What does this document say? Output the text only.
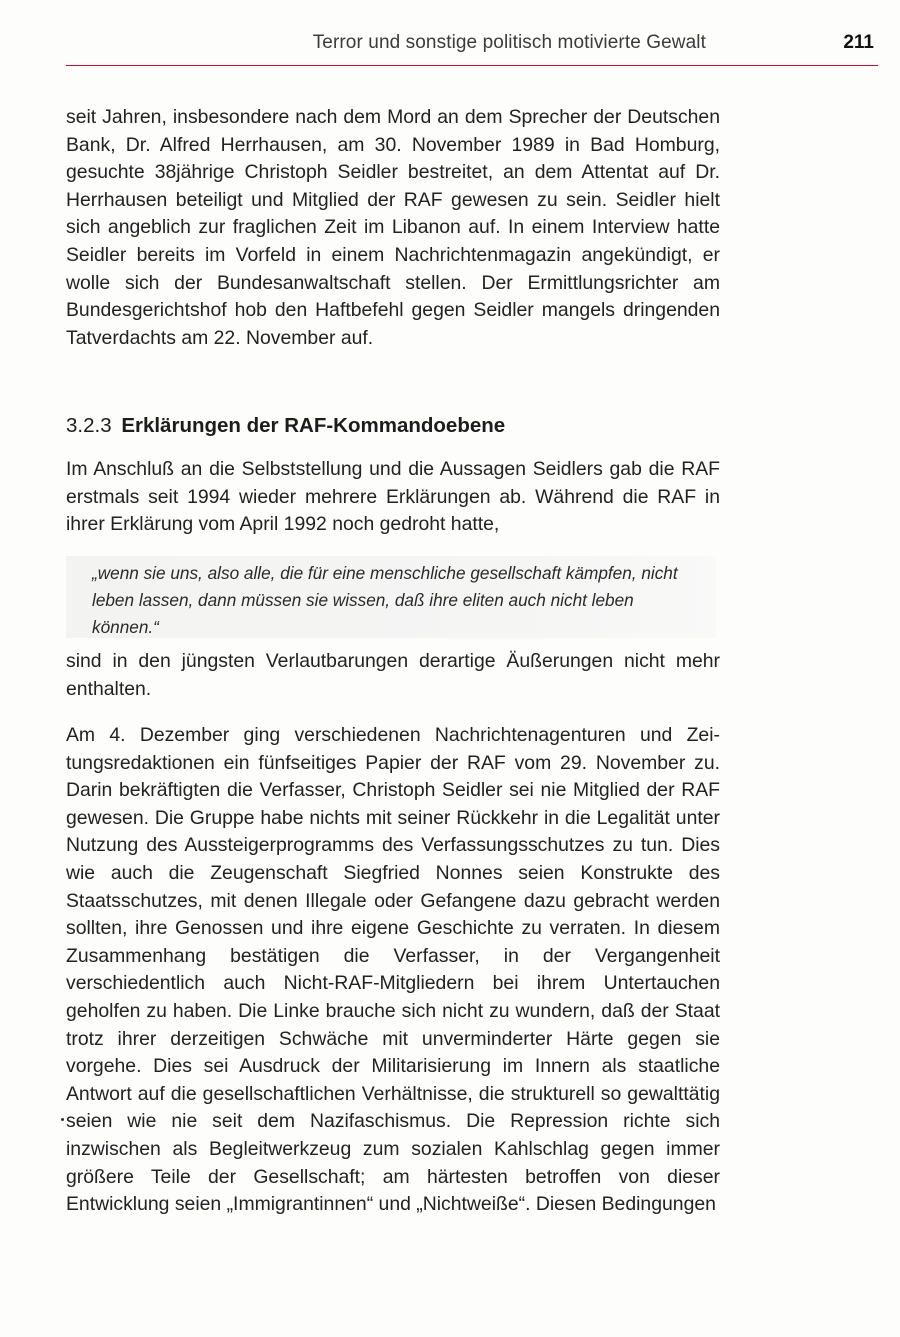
Terror und sonstige politisch motivierte Gewalt	211

seit Jahren, insbesondere nach dem Mord an dem Sprecher der Deutschen Bank, Dr. Alfred Herrhausen, am 30. November 1989 in Bad Homburg, gesuchte 38jährige Christoph Seidler bestreitet, an dem Attentat auf Dr. Herrhausen beteiligt und Mitglied der RAF gewesen zu sein. Seidler hielt sich angeblich zur fraglichen Zeit im Libanon auf. In einem Interview hatte Seidler bereits im Vorfeld in einem Nachrichtenmagazin angekündigt, er wolle sich der Bundesanwaltschaft stellen. Der Ermittlungsrichter am Bundesgerichtshof hob den Haftbefehl gegen Seidler mangels dringenden Tatverdachts am 22. November auf.

3.2.3 Erklärungen der RAF-Kommandoebene

Im Anschluß an die Selbststellung und die Aussagen Seidlers gab die RAF erstmals seit 1994 wieder mehrere Erklärungen ab. Während die RAF in ihrer Erklärung vom April 1992 noch gedroht hatte,

„wenn sie uns, also alle, die für eine menschliche gesellschaft kämpfen, nicht leben lassen, dann müssen sie wissen, daß ihre eliten auch nicht leben können.“

sind in den jüngsten Verlautbarungen derartige Äußerungen nicht mehr enthalten.

Am 4. Dezember ging verschiedenen Nachrichtenagenturen und Zeitungsredaktionen ein fünfseitiges Papier der RAF vom 29. November zu. Darin bekräftigten die Verfasser, Christoph Seidler sei nie Mitglied der RAF gewesen. Die Gruppe habe nichts mit seiner Rückkehr in die Legalität unter Nutzung des Aussteigerprogramms des Verfassungsschutzes zu tun. Dies wie auch die Zeugenschaft Siegfried Nonnes seien Konstrukte des Staatsschutzes, mit denen Illegale oder Gefangene dazu gebracht werden sollten, ihre Genossen und ihre eigene Geschichte zu verraten. In diesem Zusammenhang bestätigen die Verfasser, in der Vergangenheit verschiedentlich auch Nicht-RAF-Mitgliedern bei ihrem Untertauchen geholfen zu haben. Die Linke brauche sich nicht zu wundern, daß der Staat trotz ihrer derzeitigen Schwäche mit unverminderter Härte gegen sie vorgehe. Dies sei Ausdruck der Militarisierung im Innern als staatliche Antwort auf die gesellschaftlichen Verhältnisse, die strukturell so gewalttätig seien wie nie seit dem Nazifaschismus. Die Repression richte sich inzwischen als Begleitwerkzeug zum sozialen Kahlschlag gegen immer größere Teile der Gesellschaft; am härtesten betroffen von dieser Entwicklung seien „Immigrantinnen“ und „Nichtweiße“. Diesen Bedingungen
